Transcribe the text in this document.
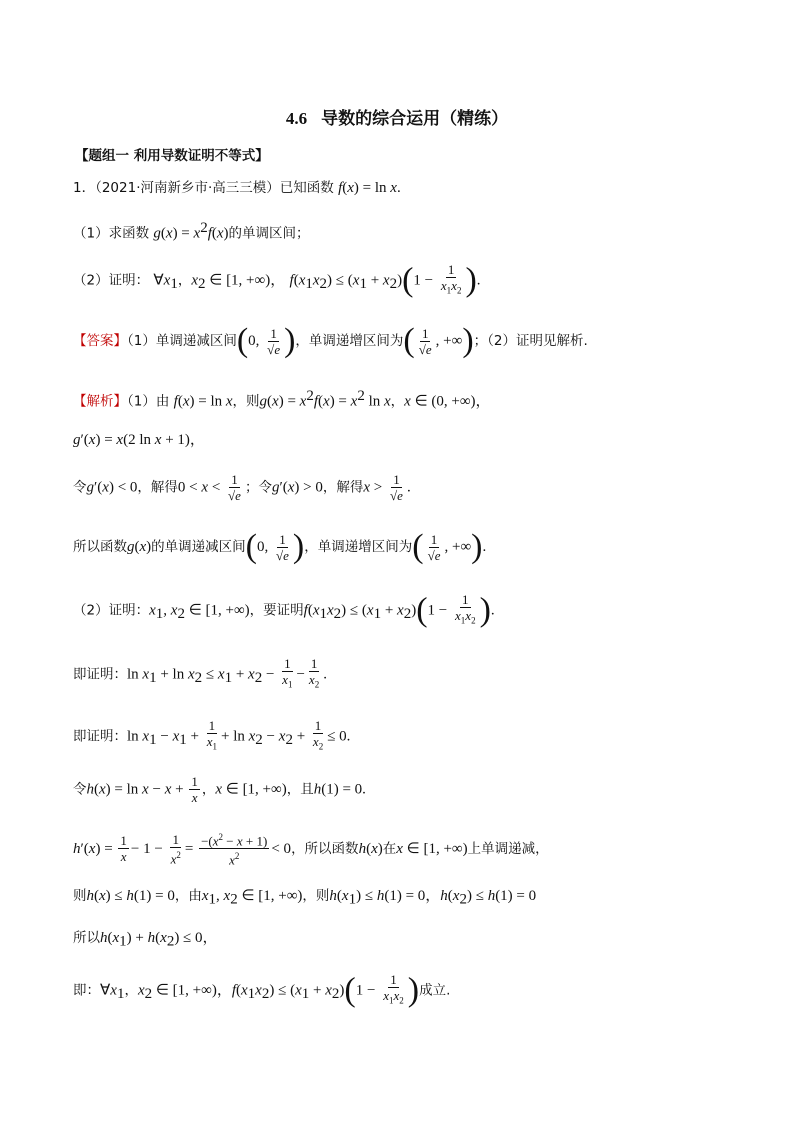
4.6 导数的综合运用（精练）
【题组一 利用导数证明不等式】
1．（2021·河南新乡市·高三三模）已知函数 f(x) = ln x.
（1）求函数 $g(x) = x^2f(x)$的单调区间；
（2）证明： $\forall x_1$，$x_2$ ∈ [1, +∞)， $f(x_1x_2) \le (x_1 + x_2)(1 - \frac{1}{x_1x_2}$ ).
【答案】（1）单调递减区间(0, $\frac{1}{√e}$ )，单调递增区间为( $\frac{1}{√e}$ , +∞)；（2）证明见解析.
【解析】（1）由 f(x) = ln x，则$g(x) = x^2f(x) = x^2$ ln x，x ∈ (0, +∞)，
g′(x) = x(2 ln x + 1)，
令g′(x) < 0，解得$0 < x < \frac{1}{√e}$ ；令g′(x) > 0，解得$x > \frac{1}{√e}$ .
所以函数g(x)的单调递减区间(0, $\frac{1}{√e}$ )，单调递增区间为( $\frac{1}{√e}$ , +∞).
（2）证明：$x_1$, $x_2$ ∈ [1, +∞)，要证明$f(x_1x_2) \le (x_1 + x_2)(1 - \frac{1}{x_1x_2}$ ).
即证明：$\ln x_1 + \ln x_2 \le x_1 + x_2 - \frac{1}{x_1} - \frac{1}{x_2}$ .
即证明：$\ln x_1 - x_1 + \frac{1}{x_1} + \ln x_2 - x_2 + \frac{1}{x_2} \le 0$.
令$h(x) = \ln x - x + \frac{1}{x}$ ，x ∈ [1, +∞)，且h(1) = 0.
$h'(x) = \frac{1}{x} - 1 - \frac{1}{x^2} = \frac{-(x^2 - x + 1)}{x^2} < 0$，所以函数h(x)在x ∈ [1, +∞)上单调递减，
则h(x) ≤ h(1) = 0，由$x_1$, $x_2$ ∈ [1, +∞)，则$h(x_1) \le h(1) = 0$，$h(x_2) \le h(1) = 0$
所以$h(x_1) + h(x_2) \le 0$，
即：$\forall x_1$，$x_2$ ∈ [1, +∞)，$f(x_1x_2) \le (x_1 + x_2)(1 - \frac{1}{x_1x_2}$ )成立.
